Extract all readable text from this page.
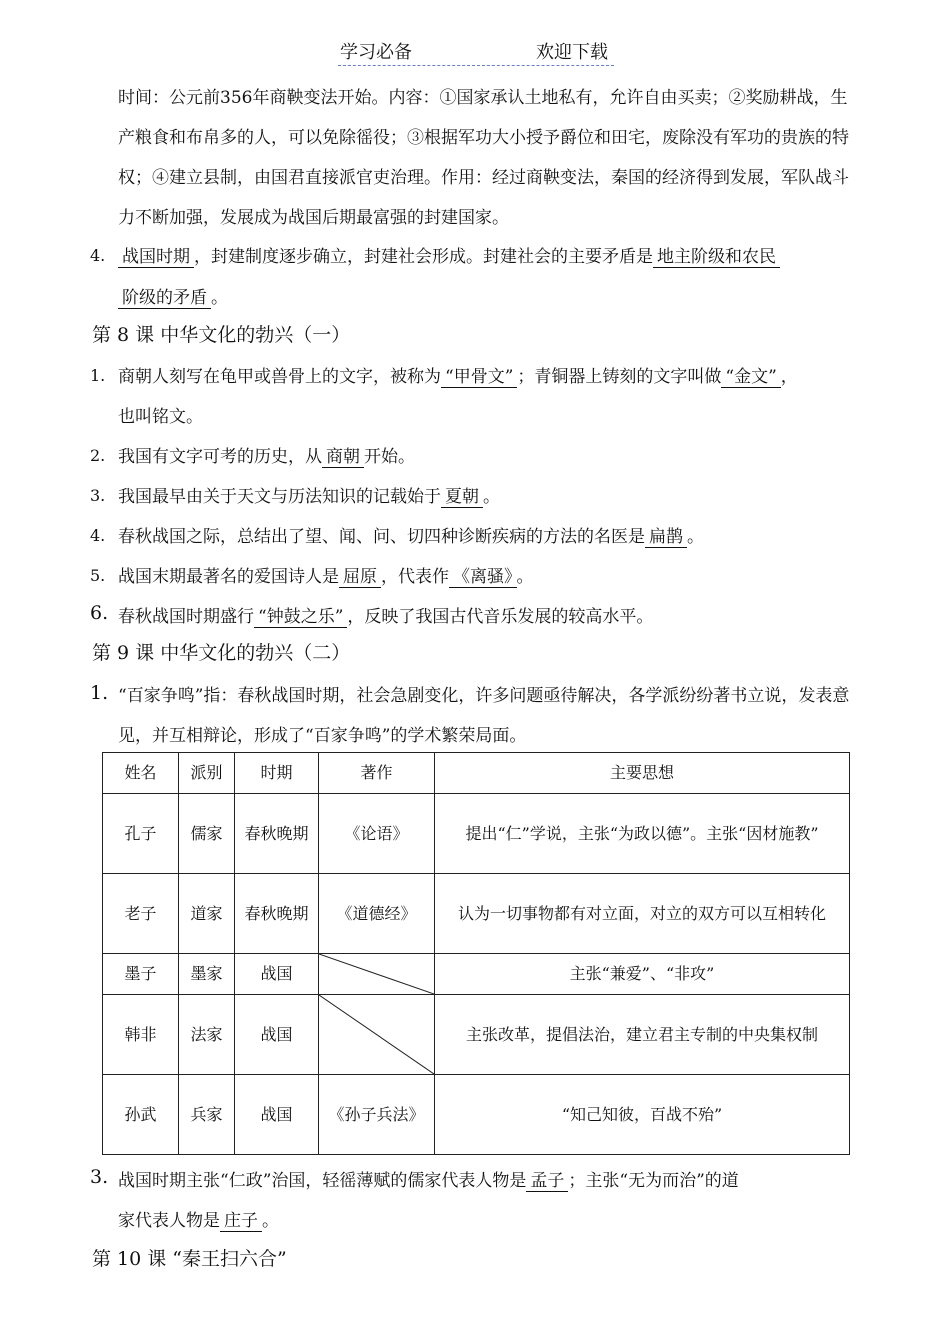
学习必备	欢迎下载
时间：公元前356年商鞅变法开始。内容：①国家承认土地私有，允许自由买卖；②奖励耕战，生产粮食和布帛多的人，可以免除徭役；③根据军功大小授予爵位和田宅，废除没有军功的贵族的特权；④建立县制，由国君直接派官吏治理。作用：经过商鞅变法，秦国的经济得到发展，军队战斗力不断加强，发展成为战国后期最富强的封建国家。
4. 战国时期 ，封建制度逐步确立，封建社会形成。封建社会的主要矛盾是 地主阶级和农民
阶级的矛盾 。
第 8 课 中华文化的勃兴（一）
1. 商朝人刻写在龟甲或兽骨上的文字，被称为 “甲骨文” ；青铜器上铸刻的文字叫做 “金文” ，
也叫铭文。
2. 我国有文字可考的历史，从 商朝 开始。
3. 我国最早由关于天文与历法知识的记载始于 夏朝 。
4. 春秋战国之际，总结出了望、闻、问、切四种诊断疾病的方法的名医是 扁鹊 。
5. 战国末期最著名的爱国诗人是 屈原 ，代表作 《离骚》 。
6. 春秋战国时期盛行 “钟鼓之乐” ，反映了我国古代音乐发展的较高水平。
第 9 课 中华文化的勃兴（二）
1. “百家争鸣”指：春秋战国时期，社会急剧变化，许多问题亟待解决，各学派纷纷著书立说，发表意见，并互相辩论，形成了“百家争鸣”的学术繁荣局面。
姓名	派别	时期	著作	主要思想
孔子	儒家	春秋晚期	《论语》	提出“仁”学说，主张“为政以德”。主张“因材施教”
老子	道家	春秋晚期	《道德经》	认为一切事物都有对立面，对立的双方可以互相转化
墨子	墨家	战国		主张“兼爱”、“非攻”
韩非	法家	战国		主张改革，提倡法治，建立君主专制的中央集权制
孙武	兵家	战国	《孙子兵法》	“知己知彼，百战不殆”
3. 战国时期主张“仁政”治国，轻徭薄赋的儒家代表人物是 孟子 ；主张“无为而治”的道
家代表人物是 庄子 。
第 10 课 “秦王扫六合”
